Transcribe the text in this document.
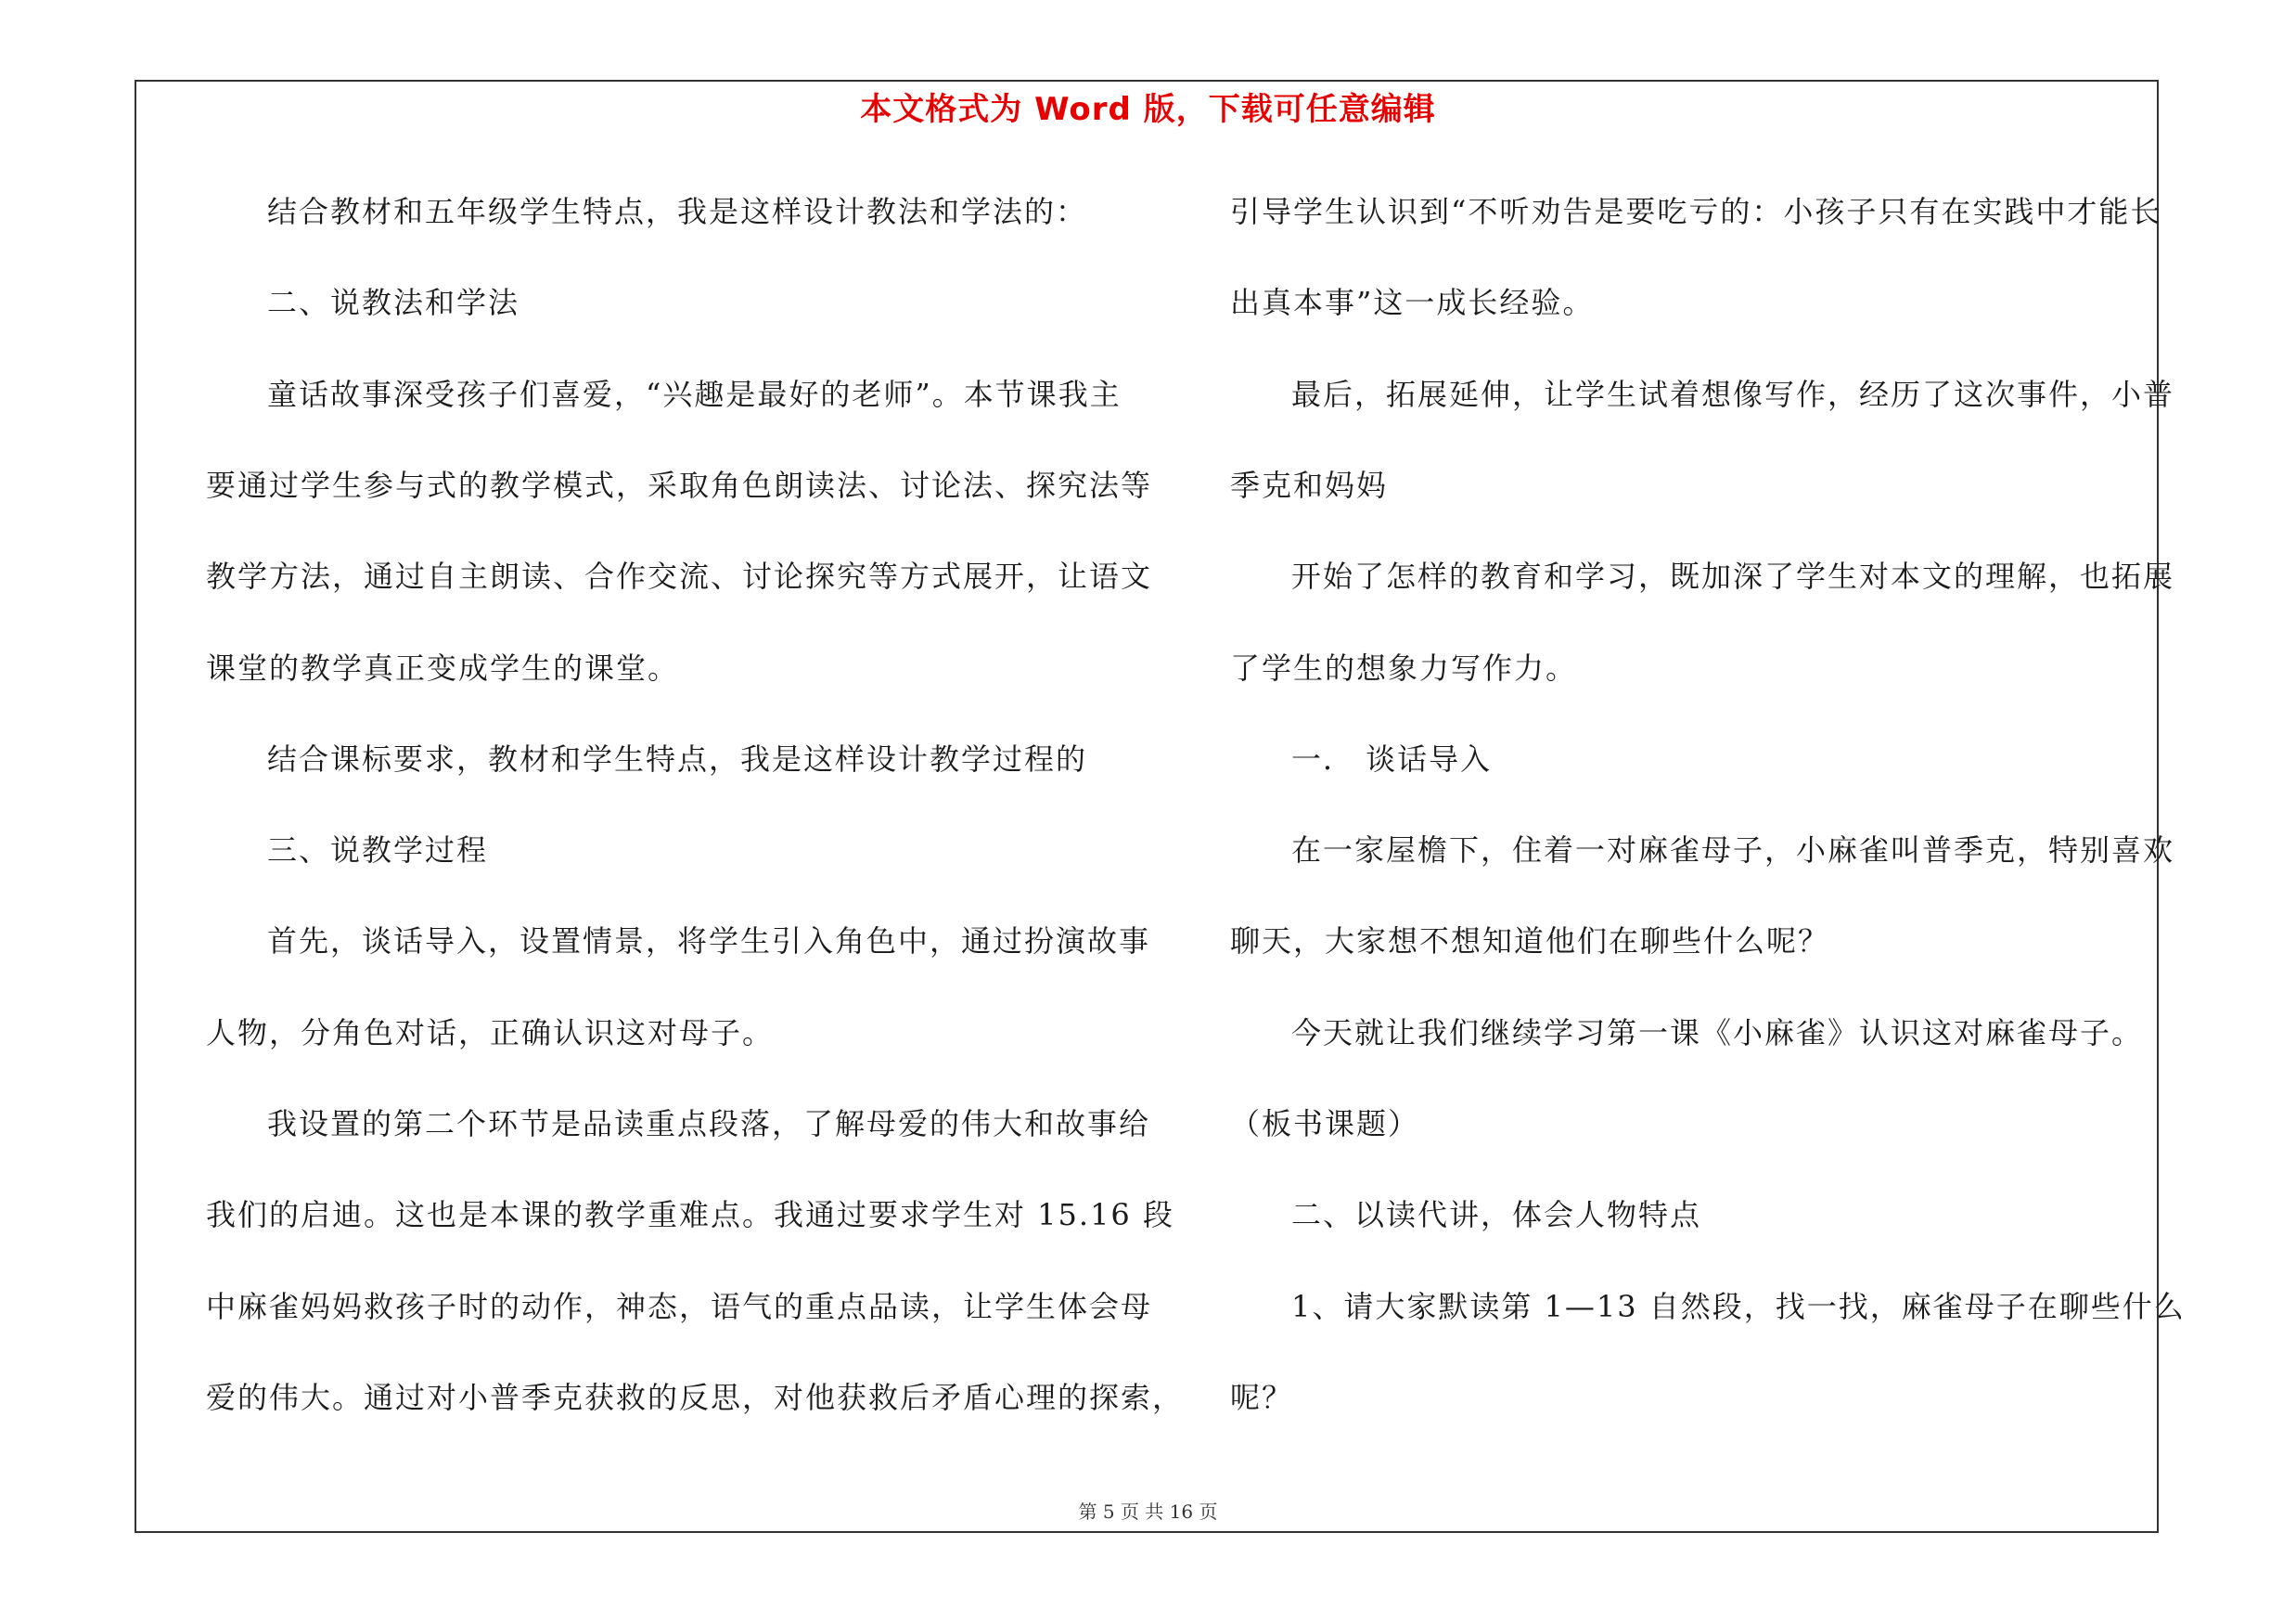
本文格式为 Word 版，下载可任意编辑
结合教材和五年级学生特点，我是这样设计教法和学法的：
二、说教法和学法
童话故事深受孩子们喜爱，“兴趣是最好的老师”。本节课我主
要通过学生参与式的教学模式，采取角色朗读法、讨论法、探究法等
教学方法，通过自主朗读、合作交流、讨论探究等方式展开，让语文
课堂的教学真正变成学生的课堂。
结合课标要求，教材和学生特点，我是这样设计教学过程的
三、说教学过程
首先，谈话导入，设置情景，将学生引入角色中，通过扮演故事
人物，分角色对话，正确认识这对母子。
我设置的第二个环节是品读重点段落，了解母爱的伟大和故事给
我们的启迪。这也是本课的教学重难点。我通过要求学生对 15.16 段
中麻雀妈妈救孩子时的动作，神态，语气的重点品读，让学生体会母
爱的伟大。通过对小普季克获救的反思，对他获救后矛盾心理的探索，
引导学生认识到“不听劝告是要吃亏的：小孩子只有在实践中才能长
出真本事”这一成长经验。
最后，拓展延伸，让学生试着想像写作，经历了这次事件，小普
季克和妈妈
开始了怎样的教育和学习，既加深了学生对本文的理解，也拓展
了学生的想象力写作力。
一． 谈话导入
在一家屋檐下，住着一对麻雀母子，小麻雀叫普季克，特别喜欢
聊天，大家想不想知道他们在聊些什么呢？
今天就让我们继续学习第一课《小麻雀》认识这对麻雀母子。
（板书课题）
二、以读代讲，体会人物特点
1、请大家默读第 1—13 自然段，找一找，麻雀母子在聊些什么
呢？
第 5 页 共 16 页
